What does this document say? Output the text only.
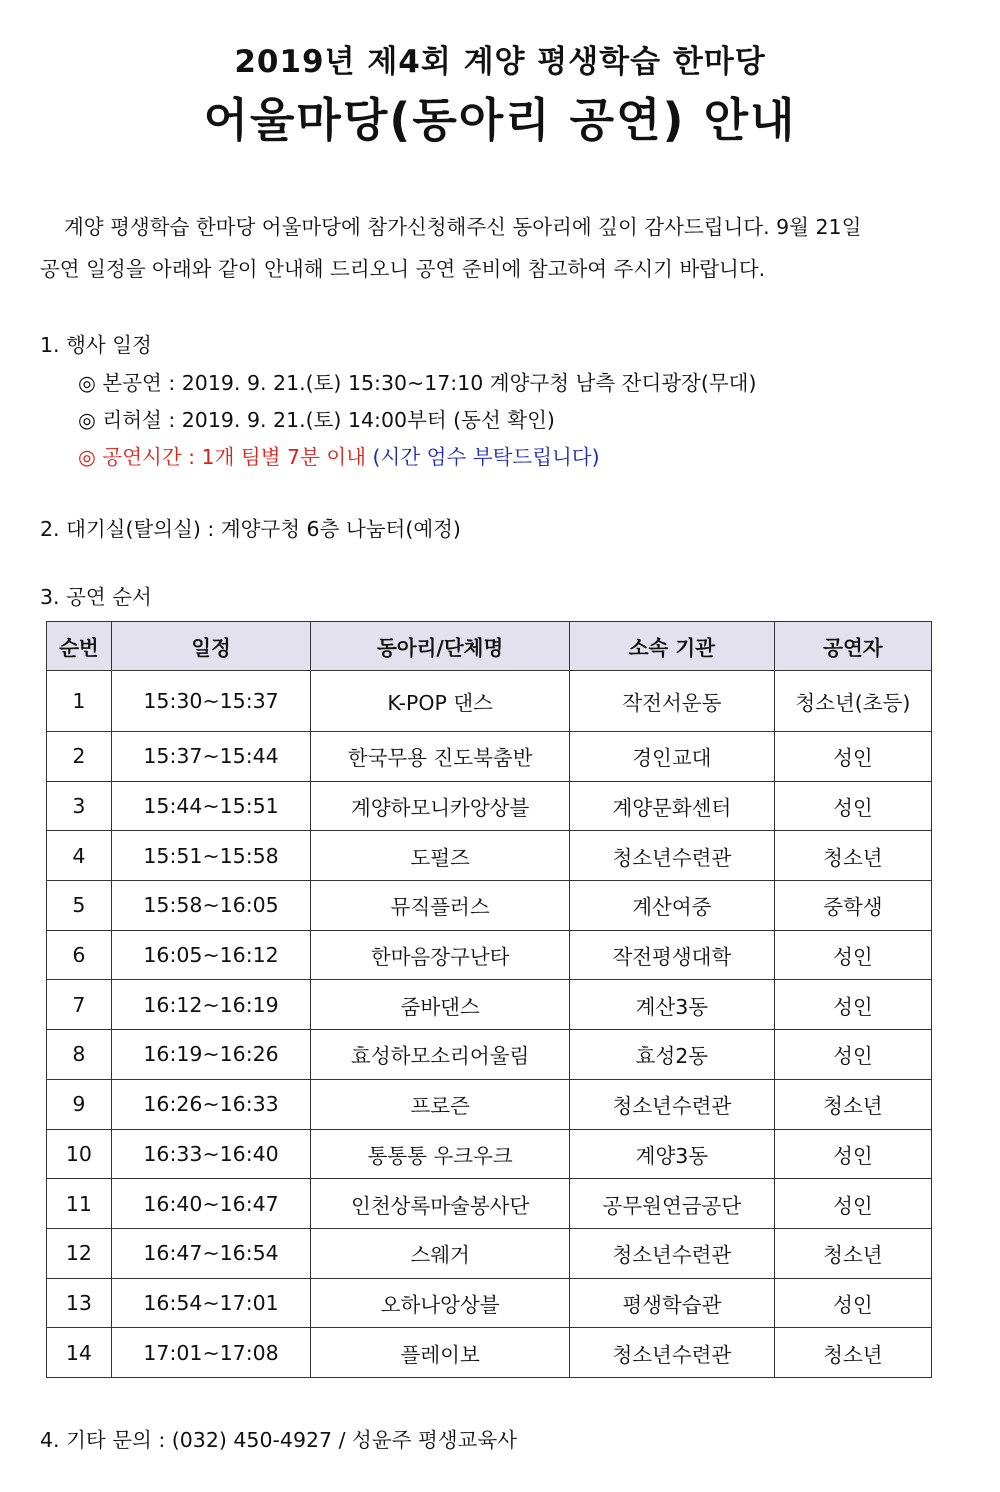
2019년 제4회 계양 평생학습 한마당
어울마당(동아리 공연) 안내
계양 평생학습 한마당 어울마당에 참가신청해주신 동아리에 깊이 감사드립니다. 9월 21일
공연 일정을 아래와 같이 안내해 드리오니 공연 준비에 참고하여 주시기 바랍니다.
1. 행사 일정
◎ 본공연 : 2019. 9. 21.(토) 15:30~17:10 계양구청 남측 잔디광장(무대)
◎ 리허설 : 2019. 9. 21.(토) 14:00부터 (동선 확인)
◎ 공연시간 : 1개 팀별 7분 이내 (시간 엄수 부탁드립니다)
2. 대기실(탈의실) : 계양구청 6층 나눔터(예정)
3. 공연 순서
순번	일정	동아리/단체명	소속 기관	공연자
1	15:30~15:37	K-POP 댄스	작전서운동	청소년(초등)
2	15:37~15:44	한국무용 진도북춤반	경인교대	성인
3	15:44~15:51	계양하모니카앙상블	계양문화센터	성인
4	15:51~15:58	도펄즈	청소년수련관	청소년
5	15:58~16:05	뮤직플러스	계산여중	중학생
6	16:05~16:12	한마음장구난타	작전평생대학	성인
7	16:12~16:19	줌바댄스	계산3동	성인
8	16:19~16:26	효성하모소리어울림	효성2동	성인
9	16:26~16:33	프로즌	청소년수련관	청소년
10	16:33~16:40	통통통 우크우크	계양3동	성인
11	16:40~16:47	인천상록마술봉사단	공무원연금공단	성인
12	16:47~16:54	스웨거	청소년수련관	청소년
13	16:54~17:01	오하나앙상블	평생학습관	성인
14	17:01~17:08	플레이보	청소년수련관	청소년
4. 기타 문의 : (032) 450-4927 / 성윤주 평생교육사
